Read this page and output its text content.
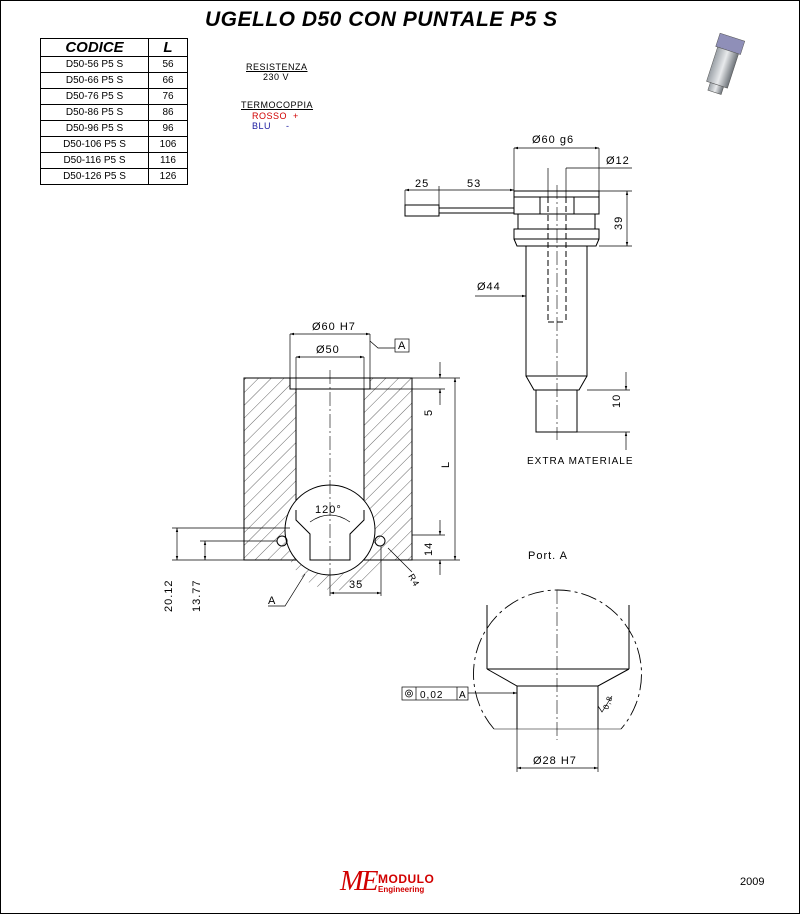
UGELLO D50 CON PUNTALE P5 S
CODICE	L
D50-56 P5 S	56
D50-66 P5 S	66
D50-76 P5 S	76
D50-86 P5 S	86
D50-96 P5 S	96
D50-106 P5 S	106
D50-116 P5 S	116
D50-126 P5 S	126
RESISTENZA
230 V
TERMOCOPPIA
ROSSO  +
BLU     -
Ø60 g6
Ø12
25	53
39
Ø44
10
EXTRA MATERIALE
Ø60 H7
Ø50	A
5
L
120°
14
20.12 13.77	35	R4
A
Port. A
0,02 A	0,8
Ø28 H7
ME MODULO
Engineering
2009
